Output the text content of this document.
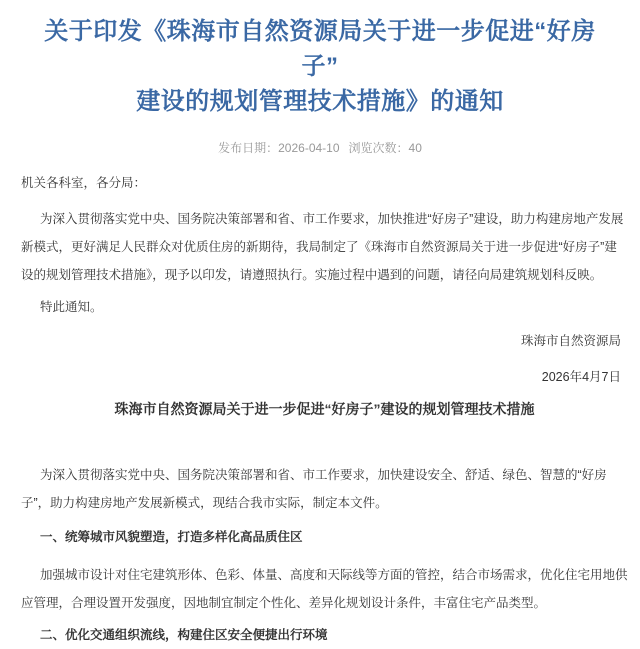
关于印发《珠海市自然资源局关于进一步促进“好房子”
建设的规划管理技术措施》的通知
发布日期：2026-04-10 浏览次数：40

机关各科室，各分局：

为深入贯彻落实党中央、国务院决策部署和省、市工作要求，加快推进“好房子”建设，助力构建房地产发展新模式，更好满足人民群众对优质住房的新期待，我局制定了《珠海市自然资源局关于进一步促进“好房子”建设的规划管理技术措施》，现予以印发，请遵照执行。实施过程中遇到的问题，请径向局建筑规划科反映。

特此通知。

珠海市自然资源局

2026年4月7日

珠海市自然资源局关于进一步促进“好房子”建设的规划管理技术措施

为深入贯彻落实党中央、国务院决策部署和省、市工作要求，加快建设安全、舒适、绿色、智慧的“好房子”，助力构建房地产发展新模式，现结合我市实际，制定本文件。

一、统筹城市风貌塑造，打造多样化高品质住区

加强城市设计对住宅建筑形体、色彩、体量、高度和天际线等方面的管控，结合市场需求，优化住宅用地供应管理，合理设置开发强度，因地制宜制定个性化、差异化规划设计条件，丰富住宅产品类型。

二、优化交通组织流线，构建住区安全便捷出行环境
